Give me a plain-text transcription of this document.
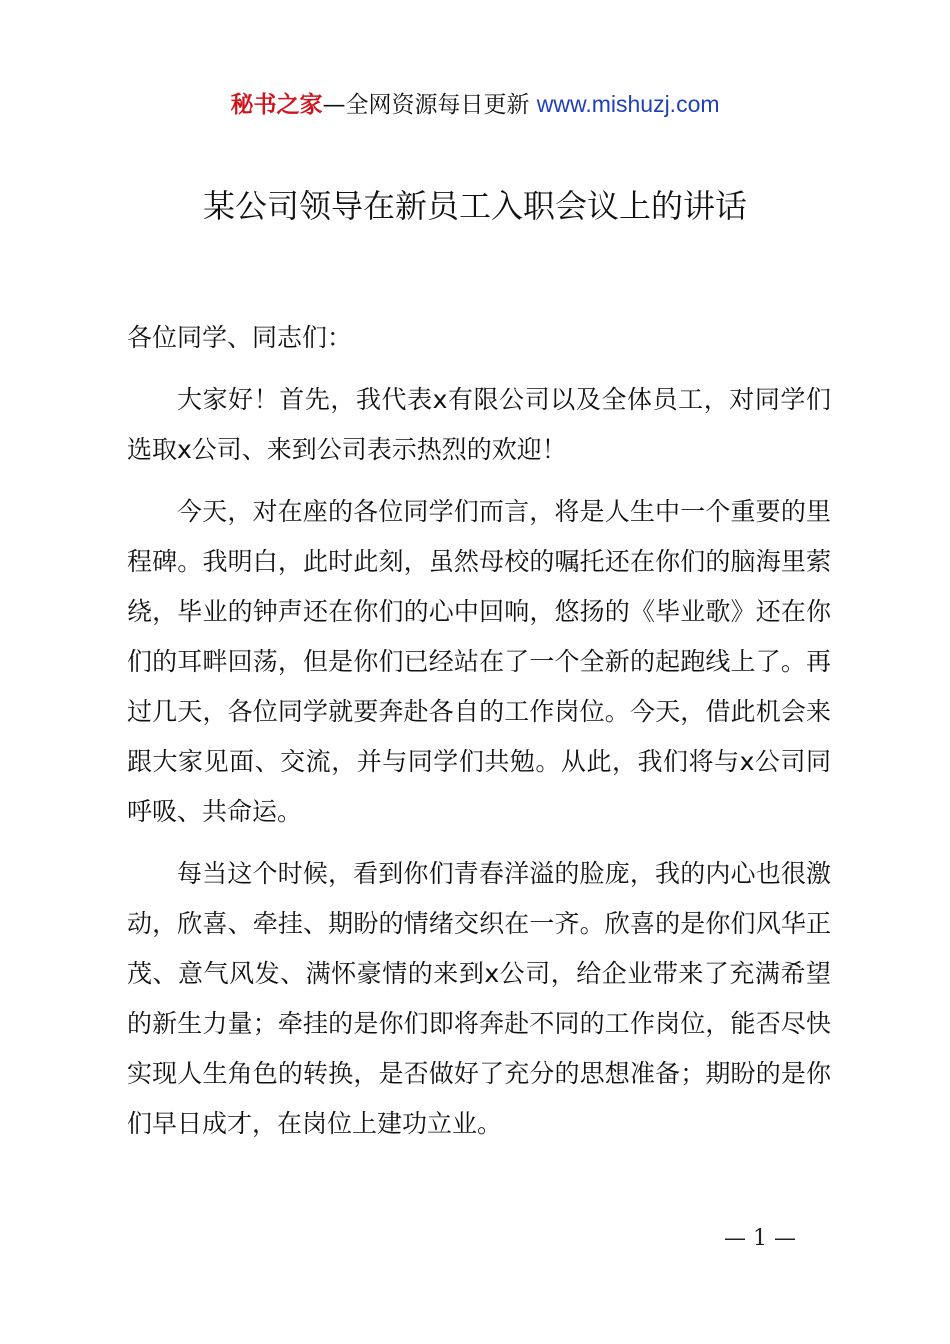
秘书之家—全网资源每日更新 www.mishuzj.com
某公司领导在新员工入职会议上的讲话

各位同学、同志们：

大家好！首先，我代表x有限公司以及全体员工，对同学们选取x公司、来到公司表示热烈的欢迎！

今天，对在座的各位同学们而言，将是人生中一个重要的里程碑。我明白，此时此刻，虽然母校的嘱托还在你们的脑海里萦绕，毕业的钟声还在你们的心中回响，悠扬的《毕业歌》还在你们的耳畔回荡，但是你们已经站在了一个全新的起跑线上了。再过几天，各位同学就要奔赴各自的工作岗位。今天，借此机会来跟大家见面、交流，并与同学们共勉。从此，我们将与x公司同呼吸、共命运。

每当这个时候，看到你们青春洋溢的脸庞，我的内心也很激动，欣喜、牵挂、期盼的情绪交织在一齐。欣喜的是你们风华正茂、意气风发、满怀豪情的来到x公司，给企业带来了充满希望的新生力量；牵挂的是你们即将奔赴不同的工作岗位，能否尽快实现人生角色的转换，是否做好了充分的思想准备；期盼的是你们早日成才，在岗位上建功立业。

— 1 —
